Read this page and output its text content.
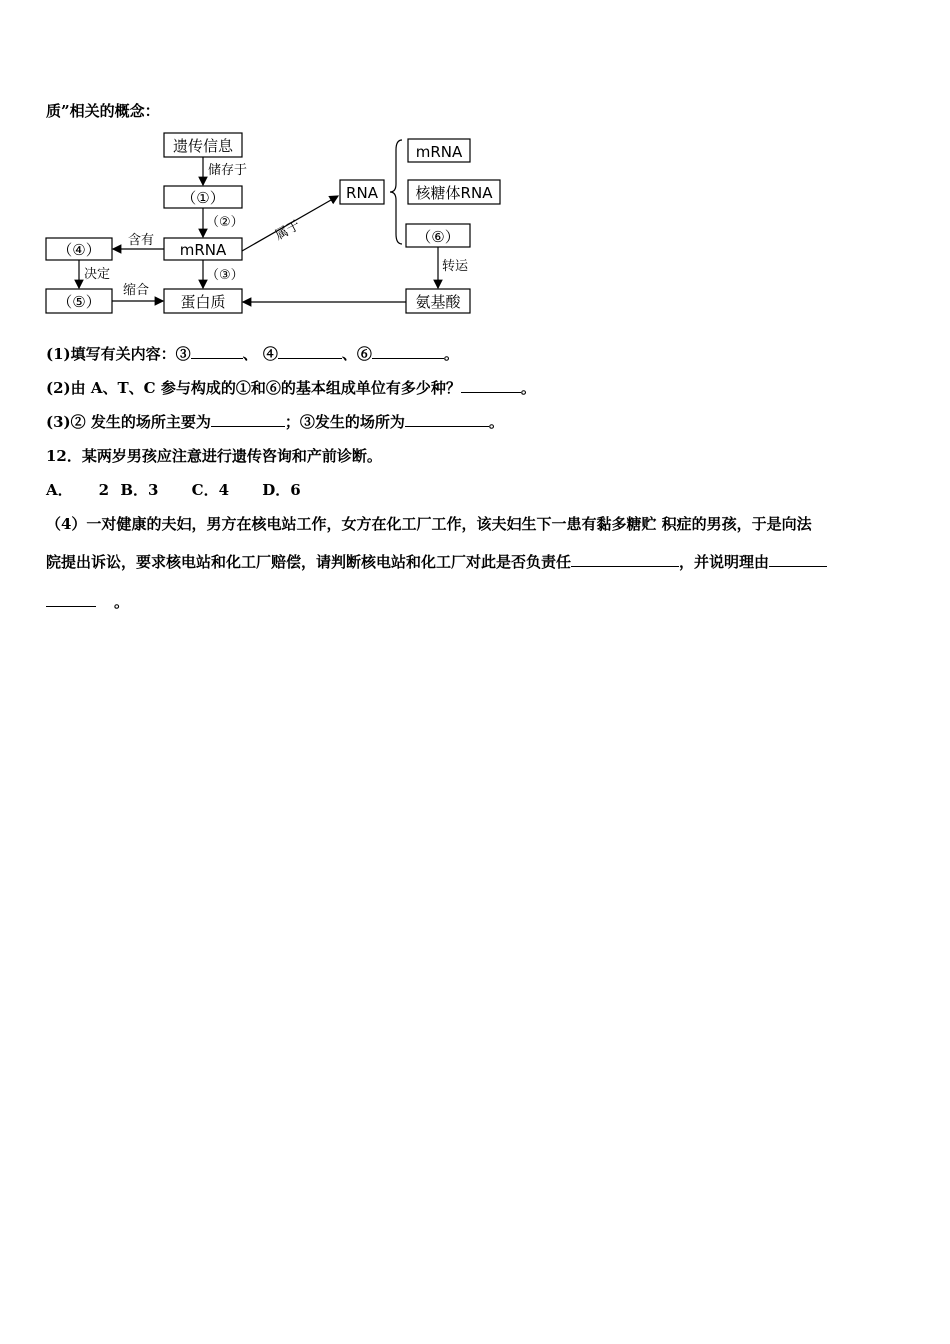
质”相关的概念：
遗传信息
（①）
mRNA
蛋白质
（④）
（⑤）
RNA
mRNA
核糖体RNA
（⑥）
氨基酸
储存于
（②）
（③）
含有
决定
缩合
属于
转运
(1)填写有关内容：③	、 ④	、⑥	。
(2)由 A、T、C 参与构成的①和⑥的基本组成单位有多少种？	。
(3)② 发生的场所主要为	；③发生的场所为	。
12．某两岁男孩应注意进行遗传咨询和产前诊断。
A． 2 B．3 C．4 D．6
（4）一对健康的夫妇，男方在核电站工作，女方在化工厂工作，该夫妇生下一患有黏多糖贮 积症的男孩，于是向法
院提出诉讼，要求核电站和化工厂赔偿，请判断核电站和化工厂对此是否负责任	，并说明理由
。
